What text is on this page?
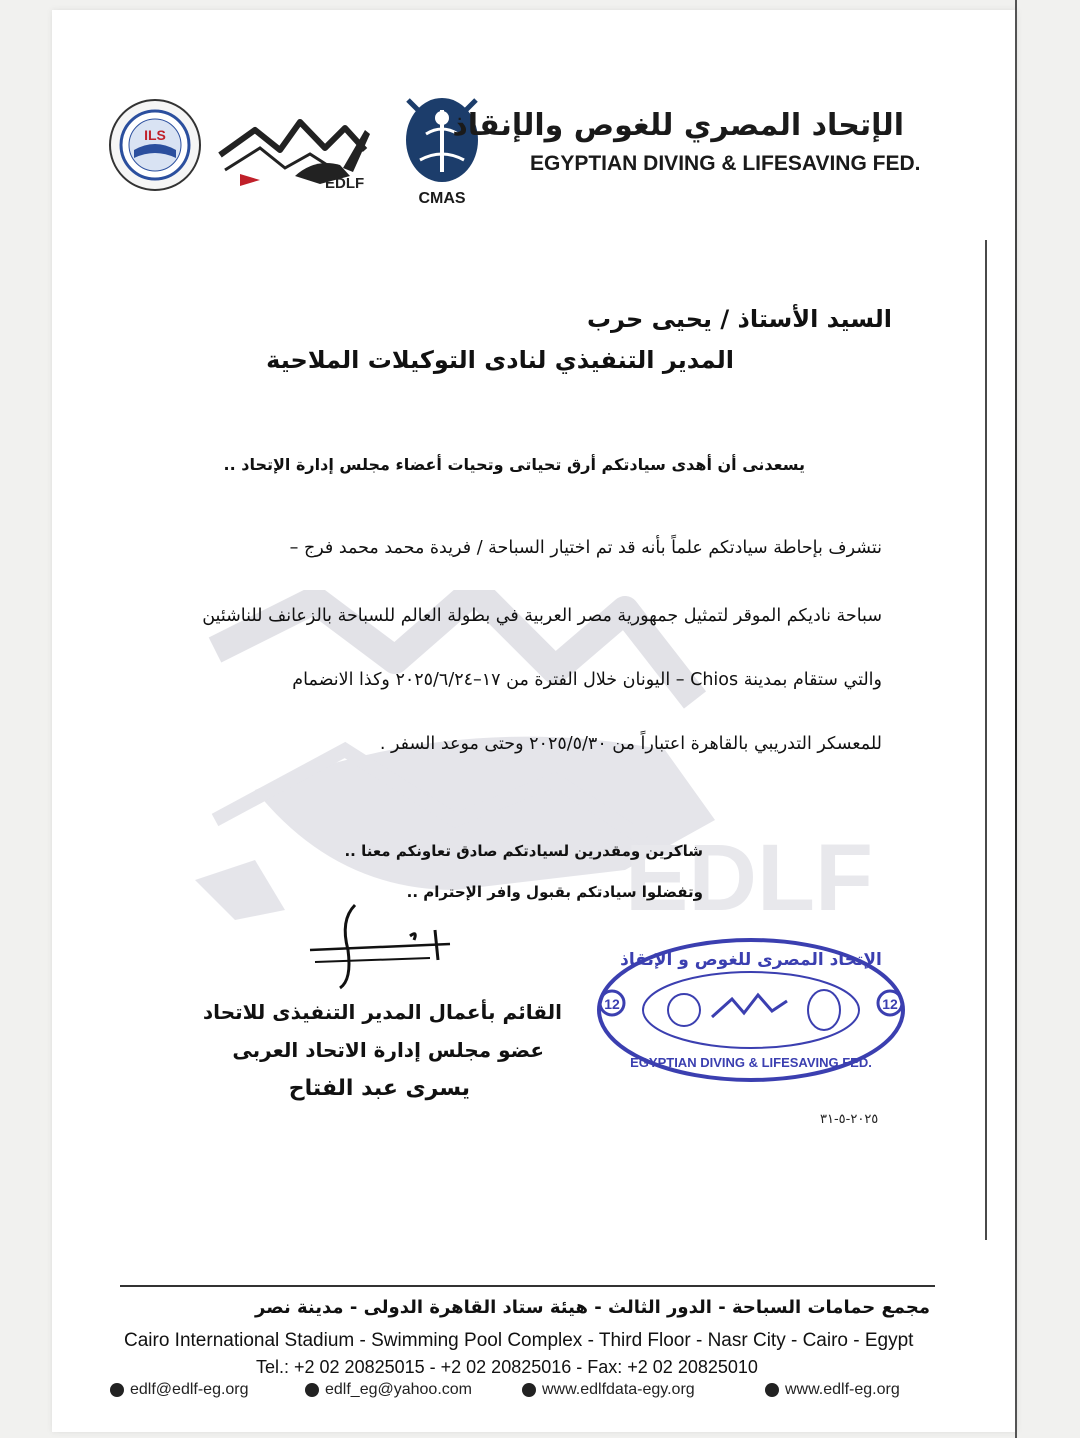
EDLF
ILS
EDLF
CMAS
الإتحاد المصري للغوص والإنقاذ
EGYPTIAN DIVING & LIFESAVING FED.
السيد الأستاذ / يحيى حرب
المدير التنفيذي لنادى التوكيلات الملاحية
يسعدنى أن أهدى سيادتكم أرق تحياتى وتحيات أعضاء مجلس إدارة الإتحاد ..
نتشرف بإحاطة سيادتكم علماً بأنه قد تم اختيار السباحة / فريدة محمد محمد فرج –
سباحة ناديكم الموقر لتمثيل جمهورية مصر العربية في بطولة العالم للسباحة بالزعانف للناشئين
والتي ستقام بمدينة Chios – اليونان خلال الفترة من ١٧–٢٠٢٥/٦/٢٤ وكذا الانضمام
للمعسكر التدريبي بالقاهرة اعتباراً من ٢٠٢٥/٥/٣٠ وحتى موعد السفر .
شاكرين ومقدرين لسيادتكم صادق تعاونكم معنا ..
وتفضلوا سيادتكم بقبول وافر الإحترام ..
القائم بأعمال المدير التنفيذى للاتحاد
عضو مجلس إدارة الاتحاد العربى
يسرى عبد الفتاح
12	12
الإتحاد المصرى للغوص و الإنقاذ
EGYPTIAN DIVING & LIFESAVING FED.
٢٠٢٥-٥-٣١
مجمع حمامات السباحة - الدور الثالث - هيئة ستاد القاهرة الدولى - مدينة نصر
Cairo International Stadium - Swimming Pool Complex - Third Floor - Nasr City - Cairo - Egypt
Tel.: +2 02 20825015 - +2 02 20825016 - Fax: +2 02 20825010
edlf@edlf-eg.org	edlf_eg@yahoo.com	www.edlfdata-egy.org	www.edlf-eg.org
